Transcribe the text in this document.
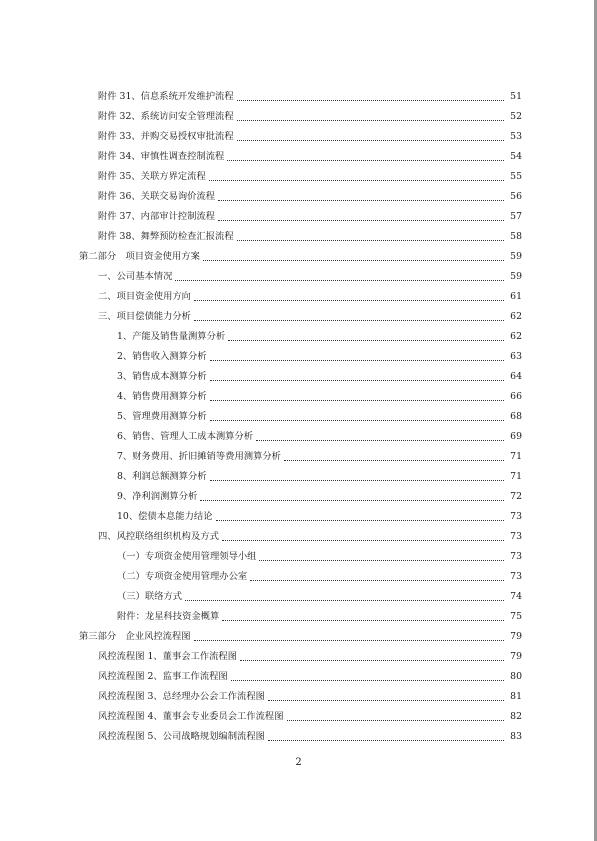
附件 31、信息系统开发维护流程	51
附件 32、系统访问安全管理流程	52
附件 33、并购交易授权审批流程	53
附件 34、审慎性调查控制流程	54
附件 35、关联方界定流程	55
附件 36、关联交易询价流程	56
附件 37、内部审计控制流程	57
附件 38、舞弊预防检查汇报流程	58
第二部分　项目资金使用方案	59
一、公司基本情况	59
二、项目资金使用方向	61
三、项目偿债能力分析	62
1、产能及销售量测算分析	62
2、销售收入测算分析	63
3、销售成本测算分析	64
4、销售费用测算分析	66
5、管理费用测算分析	68
6、销售、管理人工成本测算分析	69
7、财务费用、折旧摊销等费用测算分析	71
8、利润总额测算分析	71
9、净利润测算分析	72
10、偿债本息能力结论	73
四、风控联络组织机构及方式	73
（一）专项资金使用管理领导小组	73
（二）专项资金使用管理办公室	73
（三）联络方式	74
附件：龙星科技资金概算	75
第三部分　企业风控流程图	79
风控流程图 1、董事会工作流程图	79
风控流程图 2、监事工作流程图	80
风控流程图 3、总经理办公会工作流程图	81
风控流程图 4、董事会专业委员会工作流程图	82
风控流程图 5、公司战略规划编制流程图	83
2
